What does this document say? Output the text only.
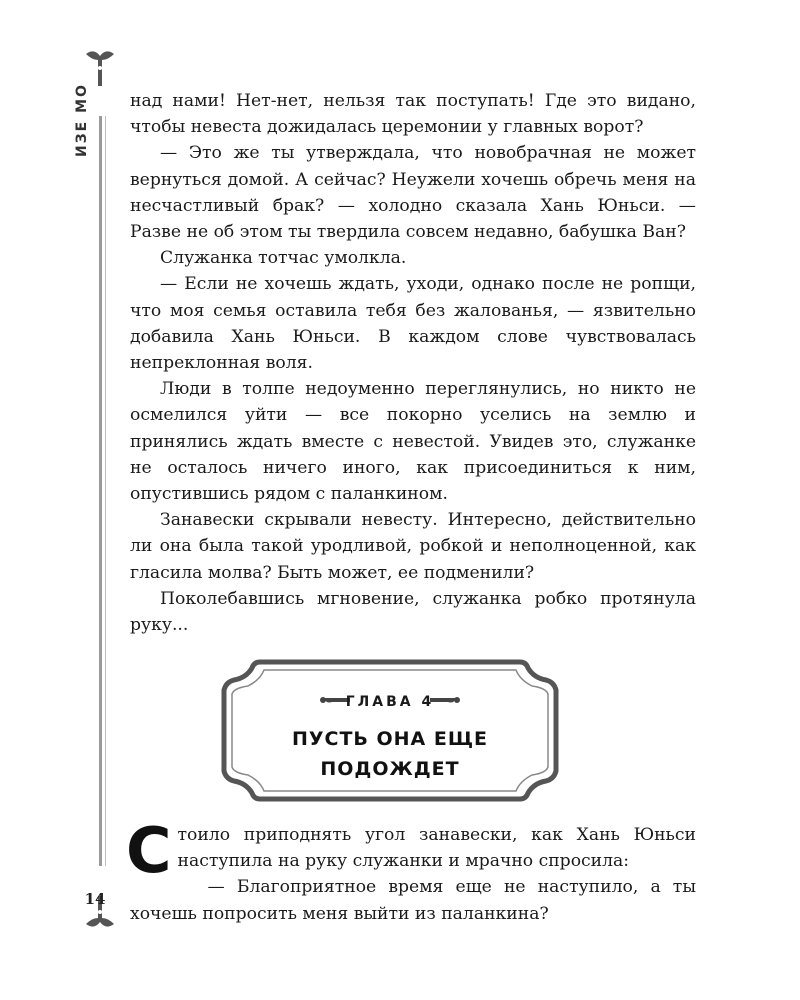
ИЗЕ МО	над нами! Нет-нет, нельзя так поступать! Где это видано, чтобы невеста дожидалась церемонии у главных ворот?

— Это же ты утверждала, что новобрачная не может вернуться домой. А сейчас? Неужели хочешь обречь меня на несчастливый брак? — холодно сказала Хань Юньси. — Разве не об этом ты твердила совсем недавно, бабушка Ван?

Служанка тотчас умолкла.

— Если не хочешь ждать, уходи, однако после не ропщи, что моя семья оставила тебя без жалованья, — язвительно добавила Хань Юньси. В каждом слове чувствовалась непреклонная воля.

Люди в толпе недоуменно переглянулись, но никто не осмелился уйти — все покорно уселись на землю и принялись ждать вместе с невестой. Увидев это, служанке не осталось ничего иного, как присоединиться к ним, опустившись рядом с паланкином.

Занавески скрывали невесту. Интересно, действительно ли она была такой уродливой, робкой и неполноценной, как гласила молва? Быть может, ее подменили?

Поколебавшись мгновение, служанка робко протянула руку...

ГЛАВА 4
ПУСТЬ ОНА ЕЩЕ ПОДОЖДЕТ

Стоило приподнять угол занавески, как Хань Юньси наступила на руку служанки и мрачно спросила:

— Благоприятное время еще не наступило, а ты хочешь попросить меня выйти из паланкина?

14
